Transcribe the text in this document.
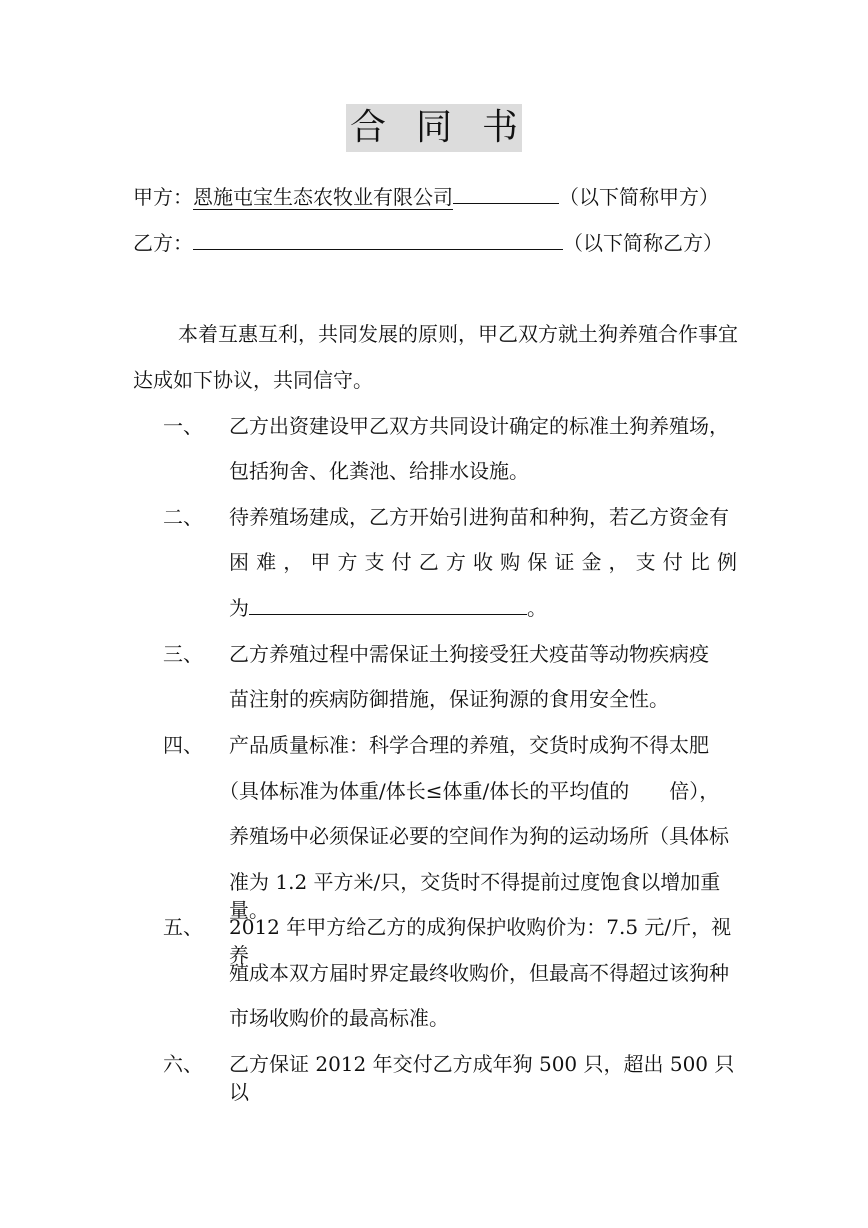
合 同 书
甲方：恩施屯宝生态农牧业有限公司	（以下简称甲方）
乙方：	（以下简称乙方）
本着互惠互利，共同发展的原则，甲乙双方就土狗养殖合作事宜
达成如下协议，共同信守。
一、 乙方出资建设甲乙双方共同设计确定的标准土狗养殖场，
包括狗舍、化粪池、给排水设施。
二、 待养殖场建成，乙方开始引进狗苗和种狗，若乙方资金有
困难，甲方支付乙方收购保证金，支付比例
为	。
三、 乙方养殖过程中需保证土狗接受狂犬疫苗等动物疾病疫
苗注射的疾病防御措施，保证狗源的食用安全性。
四、 产品质量标准：科学合理的养殖，交货时成狗不得太肥
（具体标准为体重/体长≤体重/体长的平均值的 倍），
养殖场中必须保证必要的空间作为狗的运动场所（具体标
准为 1.2 平方米/只，交货时不得提前过度饱食以增加重量。
五、 2012 年甲方给乙方的成狗保护收购价为：7.5 元/斤，视养
殖成本双方届时界定最终收购价，但最高不得超过该狗种
市场收购价的最高标准。
六、 乙方保证 2012 年交付乙方成年狗 500 只，超出 500 只以
